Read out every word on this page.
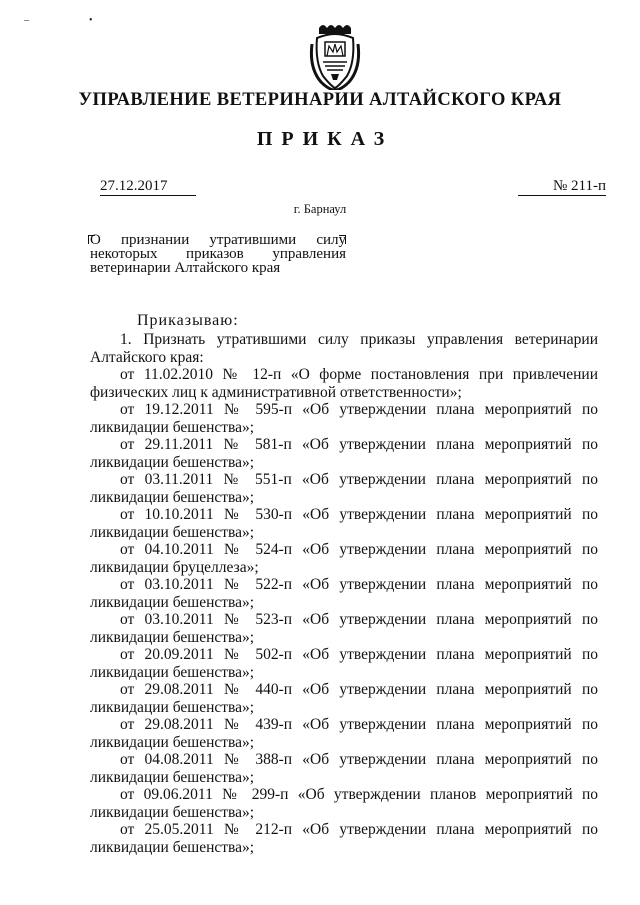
–	•
УПРАВЛЕНИЕ ВЕТЕРИНАРИИ АЛТАЙСКОГО КРАЯ
ПРИКАЗ
27.12.2017	№ 211-п
г. Барнаул
О признании утратившими силу некоторых приказов управления ветеринарии Алтайского края
Приказываю:

1. Признать утратившими силу приказы управления ветеринарии Алтайского края:

от 11.02.2010 № 12-п «О форме постановления при привлечении физических лиц к административной ответственности»;

от 19.12.2011 № 595-п «Об утверждении плана мероприятий по ликвидации бешенства»;

от 29.11.2011 № 581-п «Об утверждении плана мероприятий по ликвидации бешенства»;

от 03.11.2011 № 551-п «Об утверждении плана мероприятий по ликвидации бешенства»;

от 10.10.2011 № 530-п «Об утверждении плана мероприятий по ликвидации бешенства»;

от 04.10.2011 № 524-п «Об утверждении плана мероприятий по ликвидации бруцеллеза»;

от 03.10.2011 № 522-п «Об утверждении плана мероприятий по ликвидации бешенства»;

от 03.10.2011 № 523-п «Об утверждении плана мероприятий по ликвидации бешенства»;

от 20.09.2011 № 502-п «Об утверждении плана мероприятий по ликвидации бешенства»;

от 29.08.2011 № 440-п «Об утверждении плана мероприятий по ликвидации бешенства»;

от 29.08.2011 № 439-п «Об утверждении плана мероприятий по ликвидации бешенства»;

от 04.08.2011 № 388-п «Об утверждении плана мероприятий по ликвидации бешенства»;

от 09.06.2011 № 299-п «Об утверждении планов мероприятий по ликвидации бешенства»;

от 25.05.2011 № 212-п «Об утверждении плана мероприятий по ликвидации бешенства»;
